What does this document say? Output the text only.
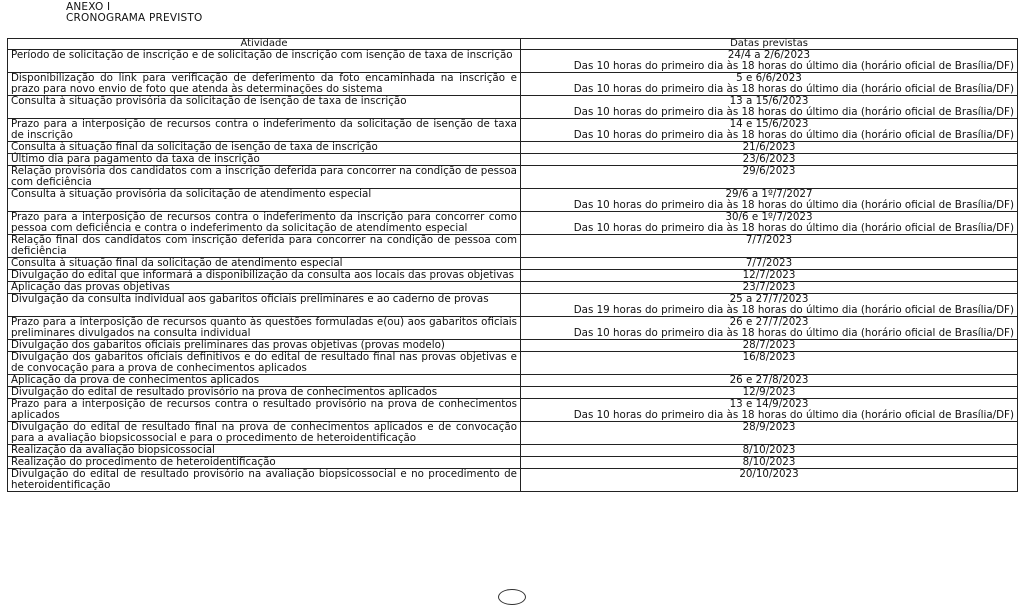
ANEXO I
CRONOGRAMA PREVISTO
Atividade	Datas previstas
Período de solicitação de inscrição e de solicitação de inscrição com isenção de taxa de inscrição	24/4 a 2/6/2023
Das 10 horas do primeiro dia às 18 horas do último dia (horário oficial de Brasília/DF)

Disponibilização do link para verificação de deferimento da foto encaminhada na inscrição e prazo para novo envio de foto que atenda às determinações do sistema	5 e 6/6/2023
Das 10 horas do primeiro dia às 18 horas do último dia (horário oficial de Brasília/DF)

Consulta à situação provisória da solicitação de isenção de taxa de inscrição	13 a 15/6/2023
Das 10 horas do primeiro dia às 18 horas do último dia (horário oficial de Brasília/DF)

Prazo para a interposição de recursos contra o indeferimento da solicitação de isenção de taxa de inscrição	14 e 15/6/2023
Das 10 horas do primeiro dia às 18 horas do último dia (horário oficial de Brasília/DF)

Consulta à situação final da solicitação de isenção de taxa de inscrição	21/6/2023

Último dia para pagamento da taxa de inscrição	23/6/2023

Relação provisória dos candidatos com a inscrição deferida para concorrer na condição de pessoa com deficiência	29/6/2023

Consulta à situação provisória da solicitação de atendimento especial	29/6 a 1º/7/2027
Das 10 horas do primeiro dia às 18 horas do último dia (horário oficial de Brasília/DF)

Prazo para a interposição de recursos contra o indeferimento da inscrição para concorrer como pessoa com deficiência e contra o indeferimento da solicitação de atendimento especial	30/6 e 1º/7/2023
Das 10 horas do primeiro dia às 18 horas do último dia (horário oficial de Brasília/DF)

Relação final dos candidatos com inscrição deferida para concorrer na condição de pessoa com deficiência	7/7/2023

Consulta à situação final da solicitação de atendimento especial	7/7/2023

Divulgação do edital que informará a disponibilização da consulta aos locais das provas objetivas	12/7/2023

Aplicação das provas objetivas	23/7/2023

Divulgação da consulta individual aos gabaritos oficiais preliminares e ao caderno de provas	25 a 27/7/2023
Das 19 horas do primeiro dia às 18 horas do último dia (horário oficial de Brasília/DF)

Prazo para a interposição de recursos quanto às questões formuladas e(ou) aos gabaritos oficiais preliminares divulgados na consulta individual	26 e 27/7/2023
Das 10 horas do primeiro dia às 18 horas do último dia (horário oficial de Brasília/DF)

Divulgação dos gabaritos oficiais preliminares das provas objetivas (provas modelo)	28/7/2023

Divulgação dos gabaritos oficiais definitivos e do edital de resultado final nas provas objetivas e de convocação para a prova de conhecimentos aplicados	16/8/2023

Aplicação da prova de conhecimentos aplicados	26 e 27/8/2023

Divulgação do edital de resultado provisório na prova de conhecimentos aplicados	12/9/2023

Prazo para a interposição de recursos contra o resultado provisório na prova de conhecimentos aplicados	13 e 14/9/2023
Das 10 horas do primeiro dia às 18 horas do último dia (horário oficial de Brasília/DF)

Divulgação do edital de resultado final na prova de conhecimentos aplicados e de convocação para a avaliação biopsicossocial e para o procedimento de heteroidentificação	28/9/2023

Realização da avaliação biopsicossocial	8/10/2023

Realização do procedimento de heteroidentificação	8/10/2023

Divulgação do edital de resultado provisório na avaliação biopsicossocial e no procedimento de heteroidentificação	20/10/2023
